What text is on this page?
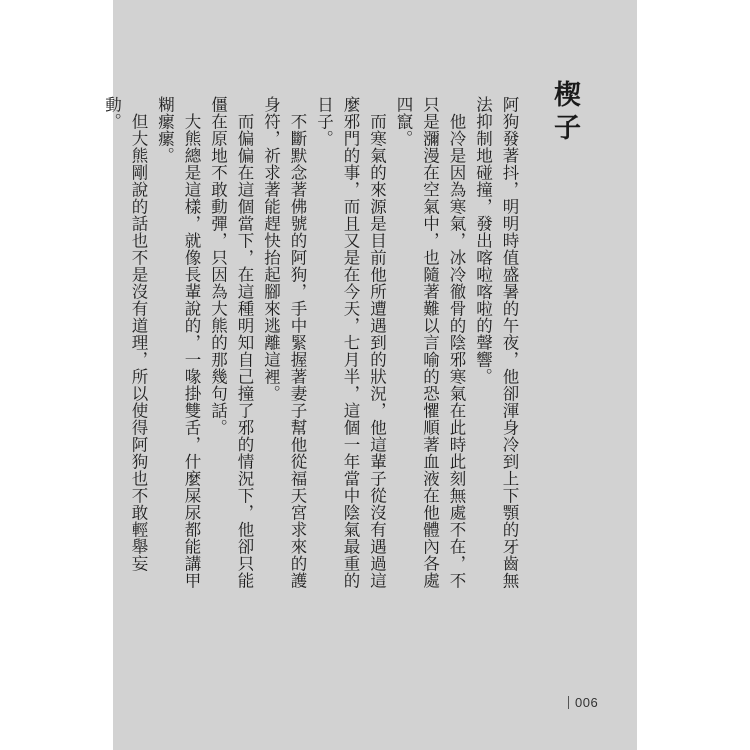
楔子

阿狗發著抖，明明時值盛暑的午夜，他卻渾身冷到上下顎的牙齒無法抑制地碰撞，發出喀啦喀啦的聲響。

他冷是因為寒氣，冰冷徹骨的陰邪寒氣在此時此刻無處不在，不只是瀰漫在空氣中，也隨著難以言喻的恐懼順著血液在他體內各處四竄。

而寒氣的來源是目前他所遭遇到的狀況，他這輩子從沒有遇過這麼邪門的事，而且又是在今天，七月半，這個一年當中陰氣最重的日子。

不斷默念著佛號的阿狗，手中緊握著妻子幫他從福天宮求來的護身符，祈求著能趕快抬起腳來逃離這裡。

而偏偏在這個當下，在這種明知自己撞了邪的情況下，他卻只能僵在原地不敢動彈，只因為大熊的那幾句話。

大熊總是這樣，就像長輩說的，一喙掛雙舌，什麼屎尿都能講甲糊瘰瘰。

但大熊剛說的話也不是沒有道理，所以使得阿狗也不敢輕舉妄動。

006
